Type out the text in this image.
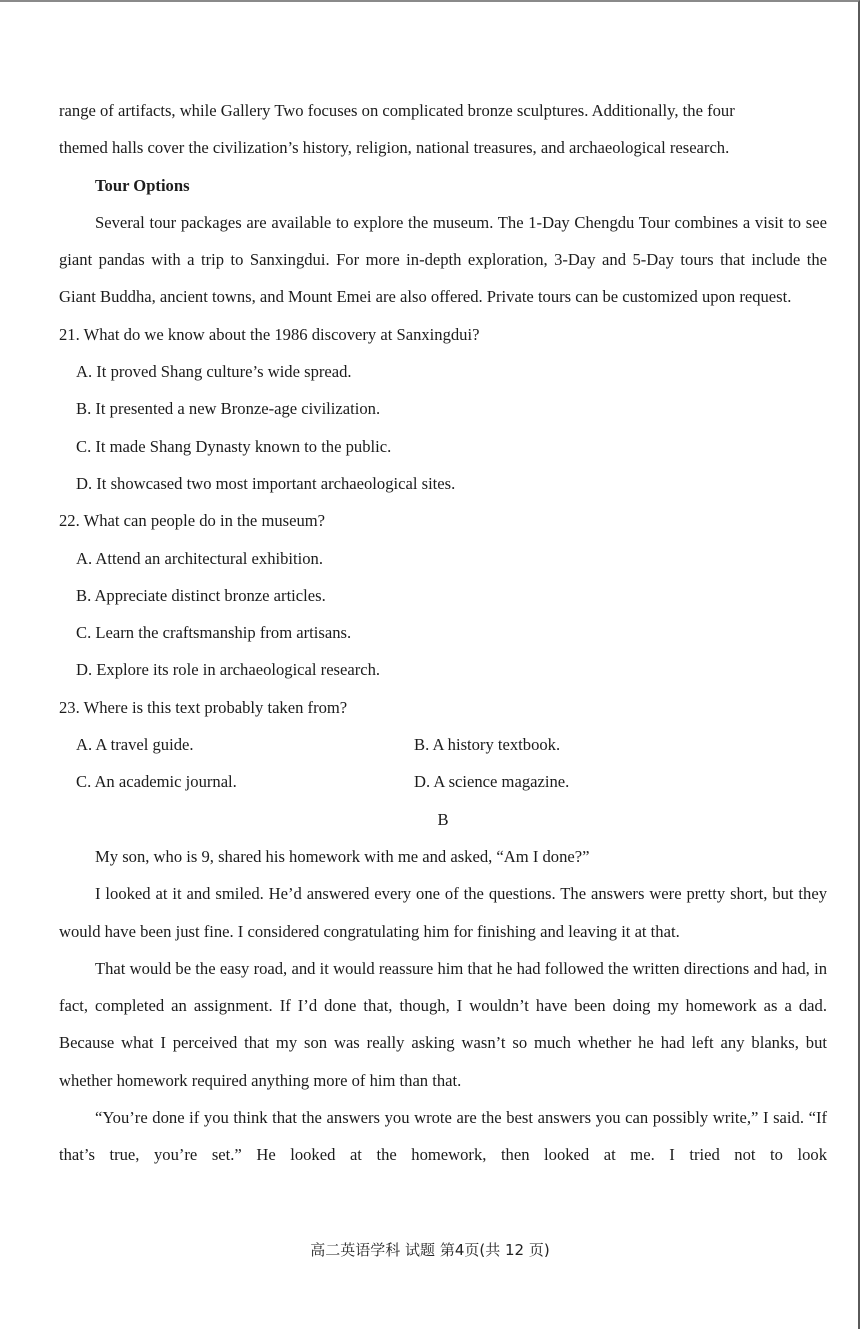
range of artifacts, while Gallery Two focuses on complicated bronze sculptures. Additionally, the four

themed halls cover the civilization’s history, religion, national treasures, and archaeological research.

Tour Options

Several tour packages are available to explore the museum. The 1-Day Chengdu Tour combines a visit to see giant pandas with a trip to Sanxingdui. For more in-depth exploration, 3-Day and 5-Day tours that include the Giant Buddha, ancient towns, and Mount Emei are also offered. Private tours can be customized upon request.

21. What do we know about the 1986 discovery at Sanxingdui?

A. It proved Shang culture’s wide spread.

B. It presented a new Bronze-age civilization.

C. It made Shang Dynasty known to the public.

D. It showcased two most important archaeological sites.

22. What can people do in the museum?

A. Attend an architectural exhibition.

B. Appreciate distinct bronze articles.

C. Learn the craftsmanship from artisans.

D. Explore its role in archaeological research.

23. Where is this text probably taken from?

A. A travel guide.	B. A history textbook.
C. An academic journal.	D. A science magazine.

B

My son, who is 9, shared his homework with me and asked, “Am I done?”

I looked at it and smiled. He’d answered every one of the questions. The answers were pretty short, but they would have been just fine. I considered congratulating him for finishing and leaving it at that.

That would be the easy road, and it would reassure him that he had followed the written directions and had, in fact, completed an assignment. If I’d done that, though, I wouldn’t have been doing my homework as a dad. Because what I perceived that my son was really asking wasn’t so much whether he had left any blanks, but whether homework required anything more of him than that.

“You’re done if you think that the answers you wrote are the best answers you can possibly write,” I said. “If that’s true, you’re set.” He looked at the homework, then looked at me. I tried not to look

高二英语学科 试题 第4页(共 12 页)
